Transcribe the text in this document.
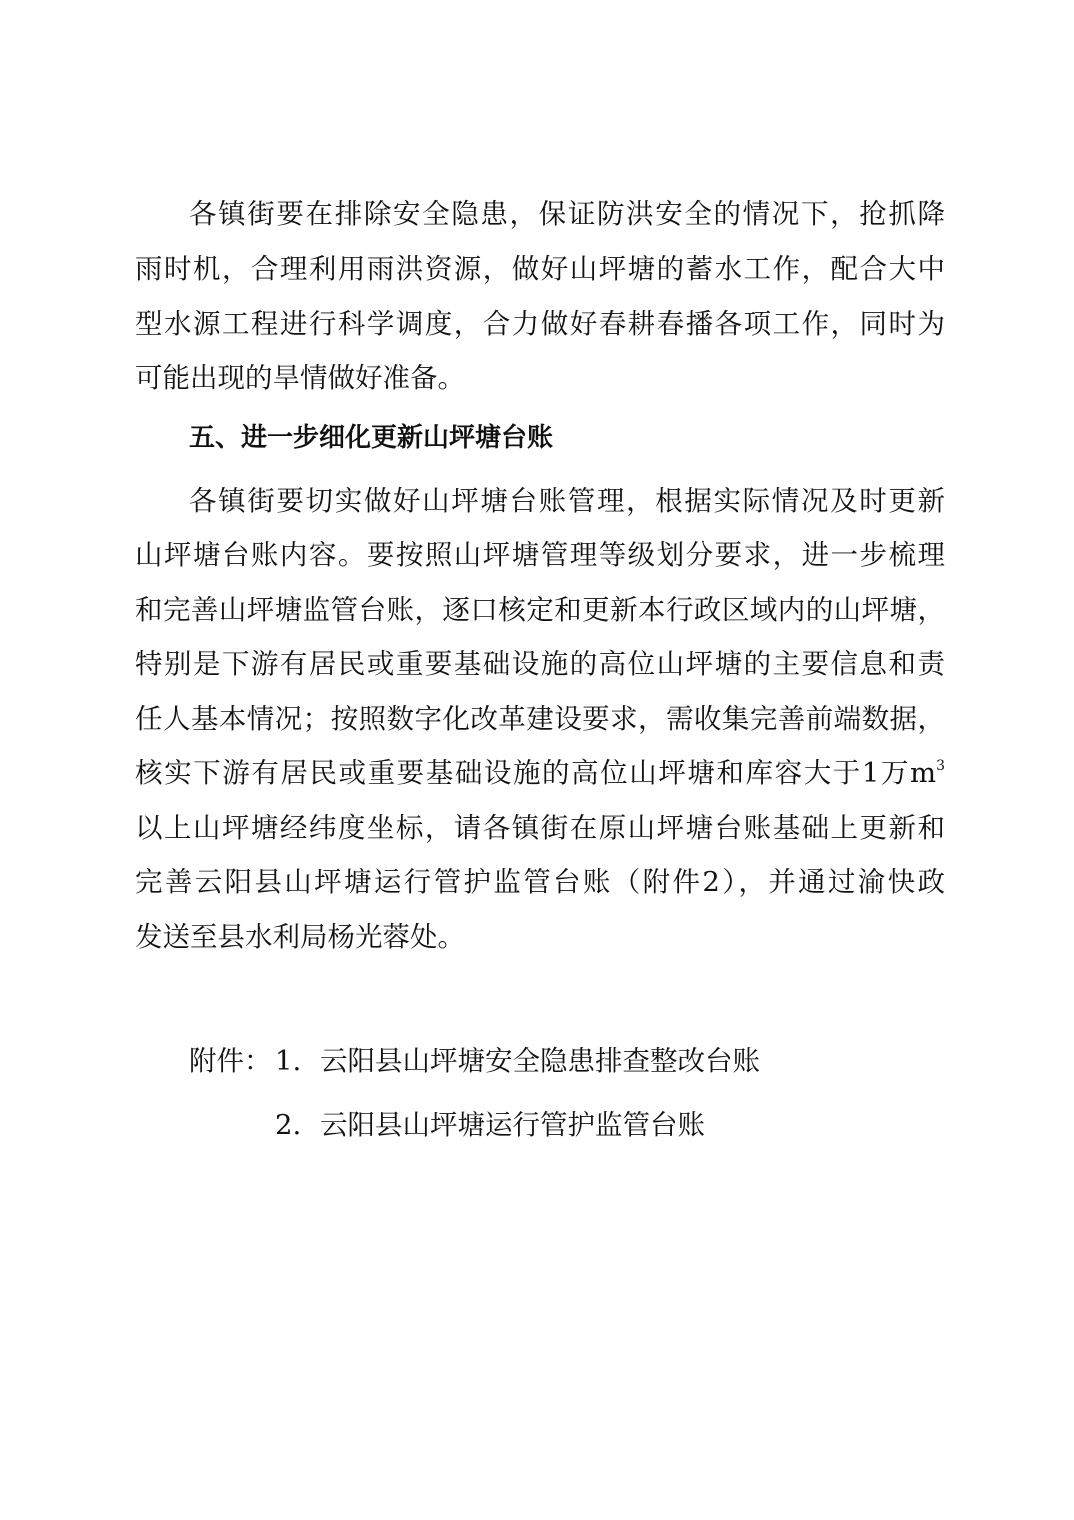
各镇街要在排除安全隐患，保证防洪安全的情况下，抢抓降
雨时机，合理利用雨洪资源，做好山坪塘的蓄水工作，配合大中
型水源工程进行科学调度，合力做好春耕春播各项工作，同时为
可能出现的旱情做好准备。
五、进一步细化更新山坪塘台账
各镇街要切实做好山坪塘台账管理，根据实际情况及时更新
山坪塘台账内容。要按照山坪塘管理等级划分要求，进一步梳理
和完善山坪塘监管台账，逐口核定和更新本行政区域内的山坪塘，
特别是下游有居民或重要基础设施的高位山坪塘的主要信息和责
任人基本情况；按照数字化改革建设要求，需收集完善前端数据，
核实下游有居民或重要基础设施的高位山坪塘和库容大于1万$m^3$
以上山坪塘经纬度坐标，请各镇街在原山坪塘台账基础上更新和
完善云阳县山坪塘运行管护监管台账（附件2），并通过渝快政
发送至县水利局杨光蓉处。
附件： 1. 云阳县山坪塘安全隐患排查整改台账
2. 云阳县山坪塘运行管护监管台账
